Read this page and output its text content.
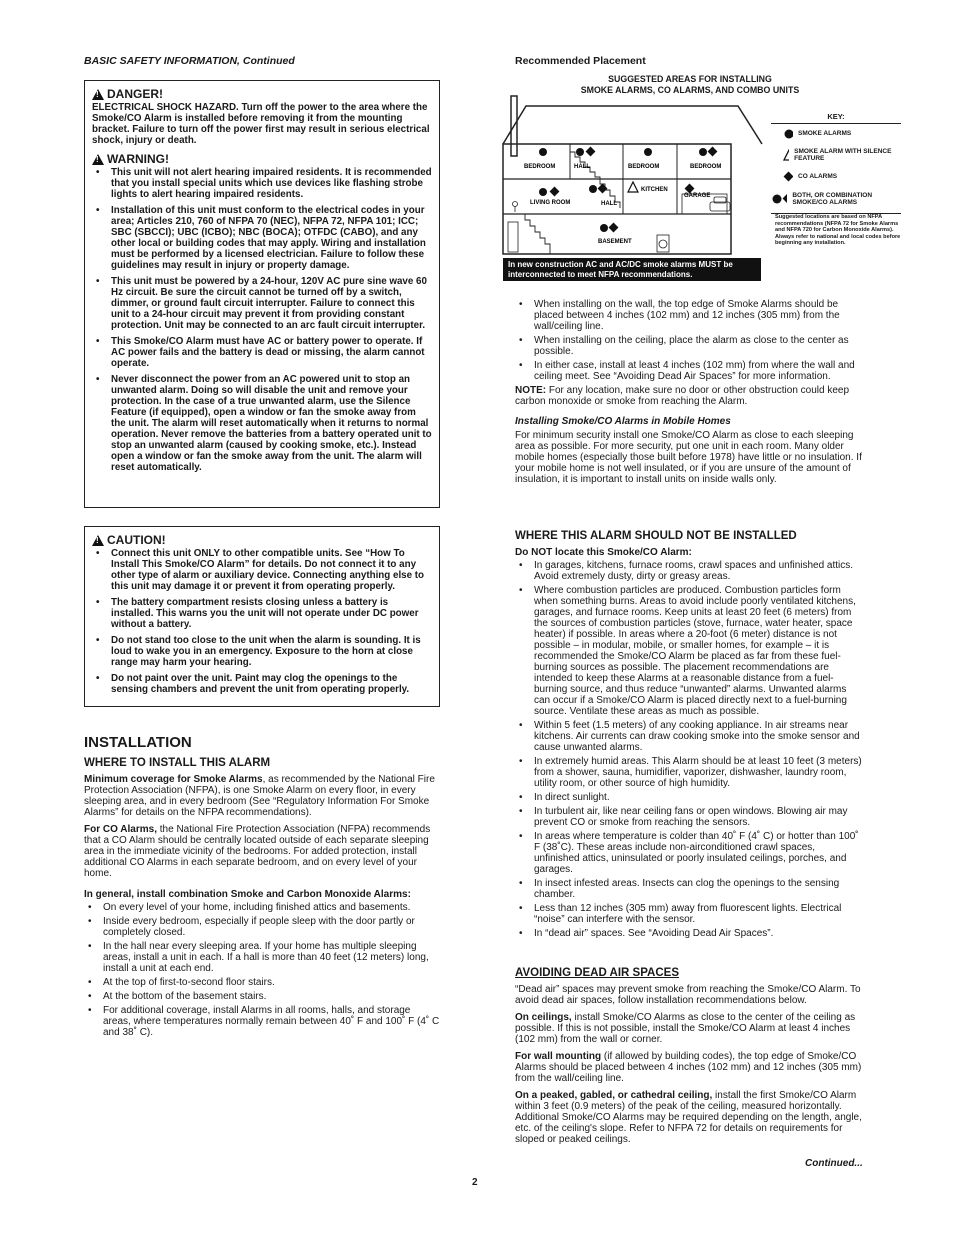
BASIC SAFETY INFORMATION, Continued
!
DANGER!
ELECTRICAL SHOCK HAZARD. Turn off the power to the area where the Smoke/CO Alarm is installed before removing it from the mounting bracket. Failure to turn off the power first may result in serious electrical shock, injury or death.
!
WARNING!
• This unit will not alert hearing impaired residents. It is recommended that you install special units which use devices like flashing strobe lights to alert hearing impaired residents.
• Installation of this unit must conform to the electrical codes in your area; Articles 210, 760 of NFPA 70 (NEC), NFPA 72, NFPA 101; ICC; SBC (SBCCI); UBC (ICBO); NBC (BOCA); OTFDC (CABO), and any other local or building codes that may apply. Wiring and installation must be performed by a licensed electrician. Failure to follow these guidelines may result in injury or property damage.
• This unit must be powered by a 24-hour, 120V AC pure sine wave 60 Hz circuit. Be sure the circuit cannot be turned off by a switch, dimmer, or ground fault circuit interrupter. Failure to connect this unit to a 24-hour circuit may prevent it from providing constant protection. Unit may be connected to an arc fault circuit interrupter.
• This Smoke/CO Alarm must have AC or battery power to operate. If AC power fails and the battery is dead or missing, the alarm cannot operate.
• Never disconnect the power from an AC powered unit to stop an unwanted alarm. Doing so will disable the unit and remove your protection. In the case of a true unwanted alarm, use the Silence Feature (if equipped), open a window or fan the smoke away from the unit. The alarm will reset automatically when it returns to normal operation. Never remove the batteries from a battery operated unit to stop an unwanted alarm (caused by cooking smoke, etc.). Instead open a window or fan the smoke away from the unit. The alarm will reset automatically.
!
CAUTION!
• Connect this unit ONLY to other compatible units. See “How To Install This Smoke/CO Alarm” for details. Do not connect it to any other type of alarm or auxiliary device. Connecting anything else to this unit may damage it or prevent it from operating properly.
• The battery compartment resists closing unless a battery is installed. This warns you the unit will not operate under DC power without a battery.
• Do not stand too close to the unit when the alarm is sounding. It is loud to wake you in an emergency. Exposure to the horn at close range may harm your hearing.
• Do not paint over the unit. Paint may clog the openings to the sensing chambers and prevent the unit from operating properly.
INSTALLATION
WHERE TO INSTALL THIS ALARM

Minimum coverage for Smoke Alarms, as recommended by the National Fire Protection Association (NFPA), is one Smoke Alarm on every floor, in every sleeping area, and in every bedroom (See “Regulatory Information For Smoke Alarms” for details on the NFPA recommendations).

For CO Alarms, the National Fire Protection Association (NFPA) recommends that a CO Alarm should be centrally located outside of each separate sleeping area in the immediate vicinity of the bedrooms. For added protection, install additional CO Alarms in each separate bedroom, and on every level of your home.

In general, install combination Smoke and Carbon Monoxide Alarms:

• On every level of your home, including finished attics and basements.
• Inside every bedroom, especially if people sleep with the door partly or completely closed.
• In the hall near every sleeping area. If your home has multiple sleeping areas, install a unit in each. If a hall is more than 40 feet (12 meters) long, install a unit at each end.
• At the top of first-to-second floor stairs.
• At the bottom of the basement stairs.
• For additional coverage, install Alarms in all rooms, halls, and storage areas, where temperatures normally remain between 40˚ F and 100˚ F (4˚ C and 38˚ C).
Recommended Placement
SUGGESTED AREAS FOR INSTALLING
SMOKE ALARMS, CO ALARMS, AND COMBO UNITS
BEDROOM	HALL	BEDROOM	BEDROOM
LIVING ROOM	HALL
KITCHEN
GARAGE
BASEMENT
KEY:
SMOKE ALARMS
SMOKE ALARM WITH SILENCE FEATURE
CO ALARMS
BOTH, OR COMBINATION SMOKE/CO ALARMS
Suggested locations are based on NFPA recommendations (NFPA 72 for Smoke Alarms and NFPA 720 for Carbon Monoxide Alarms). Always refer to national and local codes before beginning any installation.
In new construction AC and AC/DC smoke alarms MUST be interconnected to meet NFPA recommendations.
• When installing on the wall, the top edge of Smoke Alarms should be placed between 4 inches (102 mm) and 12 inches (305 mm) from the wall/ceiling line.
• When installing on the ceiling, place the alarm as close to the center as possible.
• In either case, install at least 4 inches (102 mm) from where the wall and ceiling meet. See “Avoiding Dead Air Spaces” for more information.

NOTE: For any location, make sure no door or other obstruction could keep carbon monoxide or smoke from reaching the Alarm.

Installing Smoke/CO Alarms in Mobile Homes

For minimum security install one Smoke/CO Alarm as close to each sleeping area as possible. For more security, put one unit in each room. Many older mobile homes (especially those built before 1978) have little or no insulation. If your mobile home is not well insulated, or if you are unsure of the amount of insulation, it is important to install units on inside walls only.

WHERE THIS ALARM SHOULD NOT BE INSTALLED

Do NOT locate this Smoke/CO Alarm:

• In garages, kitchens, furnace rooms, crawl spaces and unfinished attics. Avoid extremely dusty, dirty or greasy areas.
• Where combustion particles are produced. Combustion particles form when something burns. Areas to avoid include poorly ventilated kitchens, garages, and furnace rooms. Keep units at least 20 feet (6 meters) from the sources of combustion particles (stove, furnace, water heater, space heater) if possible. In areas where a 20-foot (6 meter) distance is not possible – in modular, mobile, or smaller homes, for example – it is recommended the Smoke/CO Alarm be placed as far from these fuel-burning sources as possible. The placement recommendations are intended to keep these Alarms at a reasonable distance from a fuel-burning source, and thus reduce “unwanted” alarms. Unwanted alarms can occur if a Smoke/CO Alarm is placed directly next to a fuel-burning source. Ventilate these areas as much as possible.
• Within 5 feet (1.5 meters) of any cooking appliance. In air streams near kitchens. Air currents can draw cooking smoke into the smoke sensor and cause unwanted alarms.
• In extremely humid areas. This Alarm should be at least 10 feet (3 meters) from a shower, sauna, humidifier, vaporizer, dishwasher, laundry room, utility room, or other source of high humidity.
• In direct sunlight.
• In turbulent air, like near ceiling fans or open windows. Blowing air may prevent CO or smoke from reaching the sensors.
• In areas where temperature is colder than 40˚ F (4˚ C) or hotter than 100˚ F (38˚C). These areas include non-airconditioned crawl spaces, unfinished attics, uninsulated or poorly insulated ceilings, porches, and garages.
• In insect infested areas. Insects can clog the openings to the sensing chamber.
• Less than 12 inches (305 mm) away from fluorescent lights. Electrical “noise” can interfere with the sensor.
• In “dead air” spaces. See “Avoiding Dead Air Spaces”.
AVOIDING DEAD AIR SPACES

“Dead air” spaces may prevent smoke from reaching the Smoke/CO Alarm. To avoid dead air spaces, follow installation recommendations below.

On ceilings, install Smoke/CO Alarms as close to the center of the ceiling as possible. If this is not possible, install the Smoke/CO Alarm at least 4 inches (102 mm) from the wall or corner.

For wall mounting (if allowed by building codes), the top edge of Smoke/CO Alarms should be placed between 4 inches (102 mm) and 12 inches (305 mm) from the wall/ceiling line.

On a peaked, gabled, or cathedral ceiling, install the first Smoke/CO Alarm within 3 feet (0.9 meters) of the peak of the ceiling, measured horizontally. Additional Smoke/CO Alarms may be required depending on the length, angle, etc. of the ceiling's slope. Refer to NFPA 72 for details on requirements for sloped or peaked ceilings.

Continued...
2
